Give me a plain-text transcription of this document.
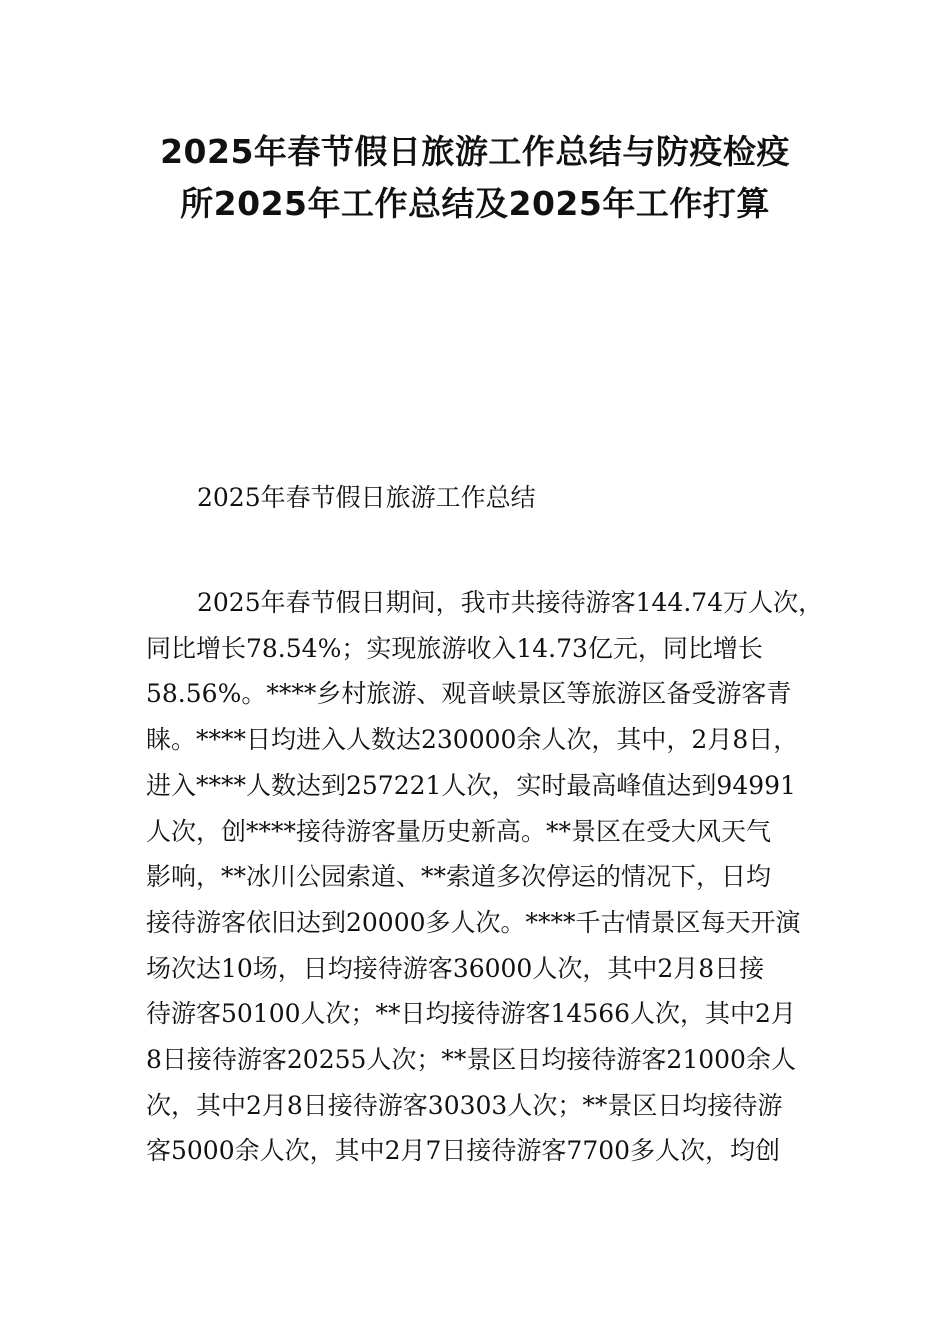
2025年春节假日旅游工作总结与防疫检疫
所2025年工作总结及2025年工作打算
2025年春节假日旅游工作总结
2025年春节假日期间，我市共接待游客144.74万人次，
同比增长78.54%；实现旅游收入14.73亿元，同比增长
58.56%。****乡村旅游、观音峡景区等旅游区备受游客青
睐。****日均进入人数达230000余人次，其中，2月8日，
进入****人数达到257221人次，实时最高峰值达到94991
人次，创****接待游客量历史新高。**景区在受大风天气
影响，**冰川公园索道、**索道多次停运的情况下，日均
接待游客依旧达到20000多人次。****千古情景区每天开演
场次达10场，日均接待游客36000人次，其中2月8日接
待游客50100人次；**日均接待游客14566人次，其中2月
8日接待游客20255人次；**景区日均接待游客21000余人
次，其中2月8日接待游客30303人次；**景区日均接待游
客5000余人次，其中2月7日接待游客7700多人次，均创
